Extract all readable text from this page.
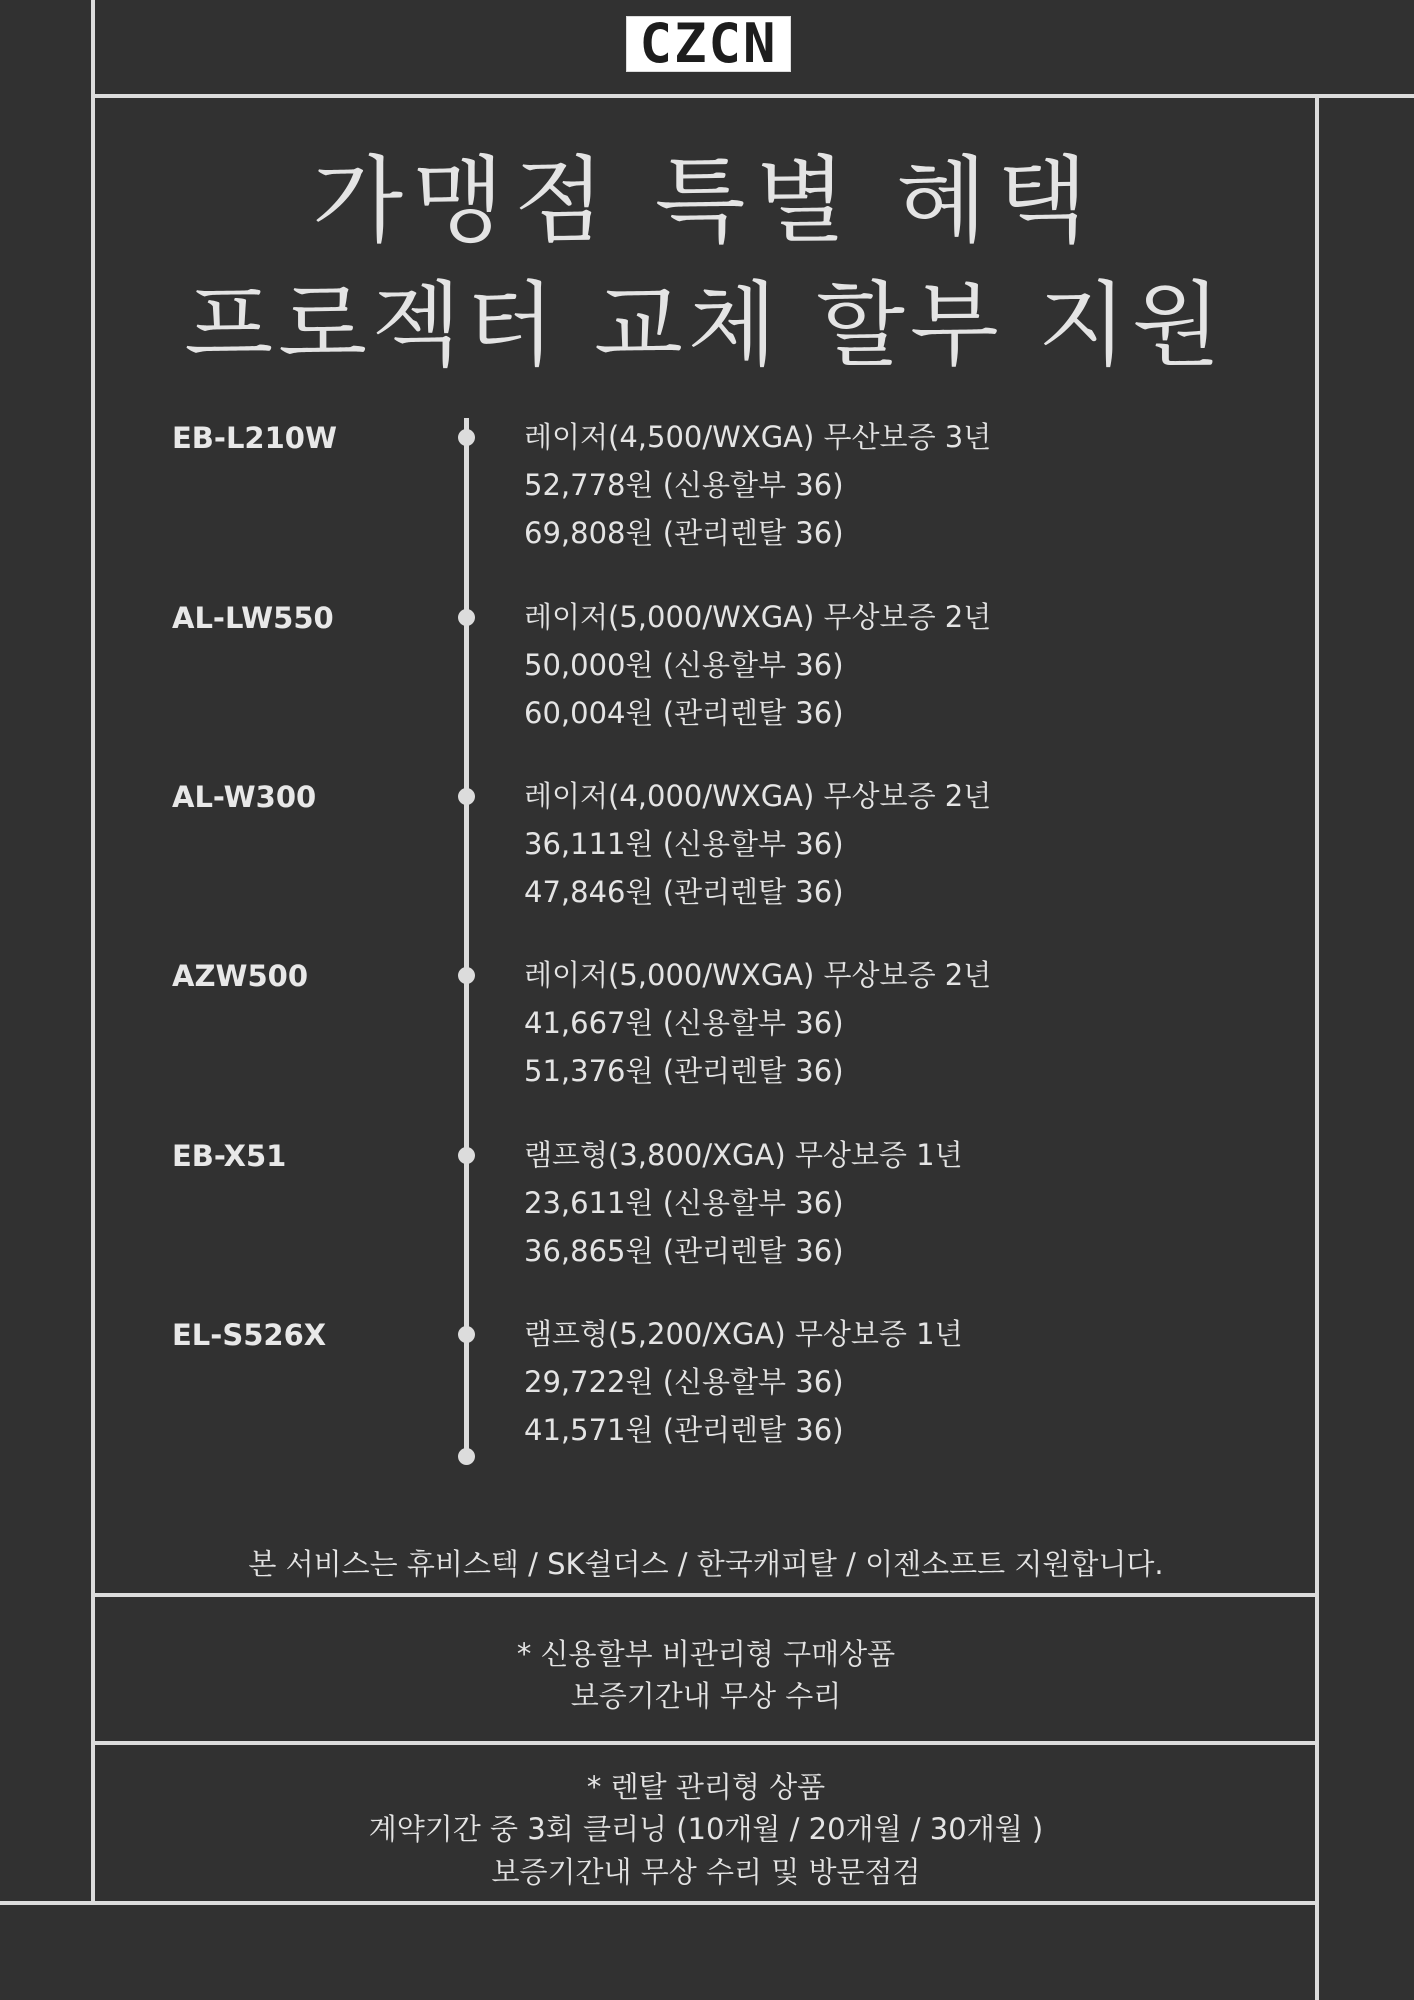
CZCN
가맹점 특별 혜택
프로젝터 교체 할부 지원
EB-L210W	레이저(4,500/WXGA) 무산보증 3년
52,778원 (신용할부 36)
69,808원 (관리렌탈 36)
AL-LW550	레이저(5,000/WXGA) 무상보증 2년
50,000원 (신용할부 36)
60,004원 (관리렌탈 36)
AL-W300	레이저(4,000/WXGA) 무상보증 2년
36,111원 (신용할부 36)
47,846원 (관리렌탈 36)
AZW500	레이저(5,000/WXGA) 무상보증 2년
41,667원 (신용할부 36)
51,376원 (관리렌탈 36)
EB-X51	램프형(3,800/XGA) 무상보증 1년
23,611원 (신용할부 36)
36,865원 (관리렌탈 36)
EL-S526X	램프형(5,200/XGA) 무상보증 1년
29,722원 (신용할부 36)
41,571원 (관리렌탈 36)
본 서비스는 휴비스텍 / SK쉴더스 / 한국캐피탈 / 이젠소프트 지원합니다.
* 신용할부 비관리형 구매상품
보증기간내 무상 수리
* 렌탈 관리형 상품
계약기간 중 3회 클리닝 (10개월 / 20개월 / 30개월 )
보증기간내 무상 수리 및 방문점검
